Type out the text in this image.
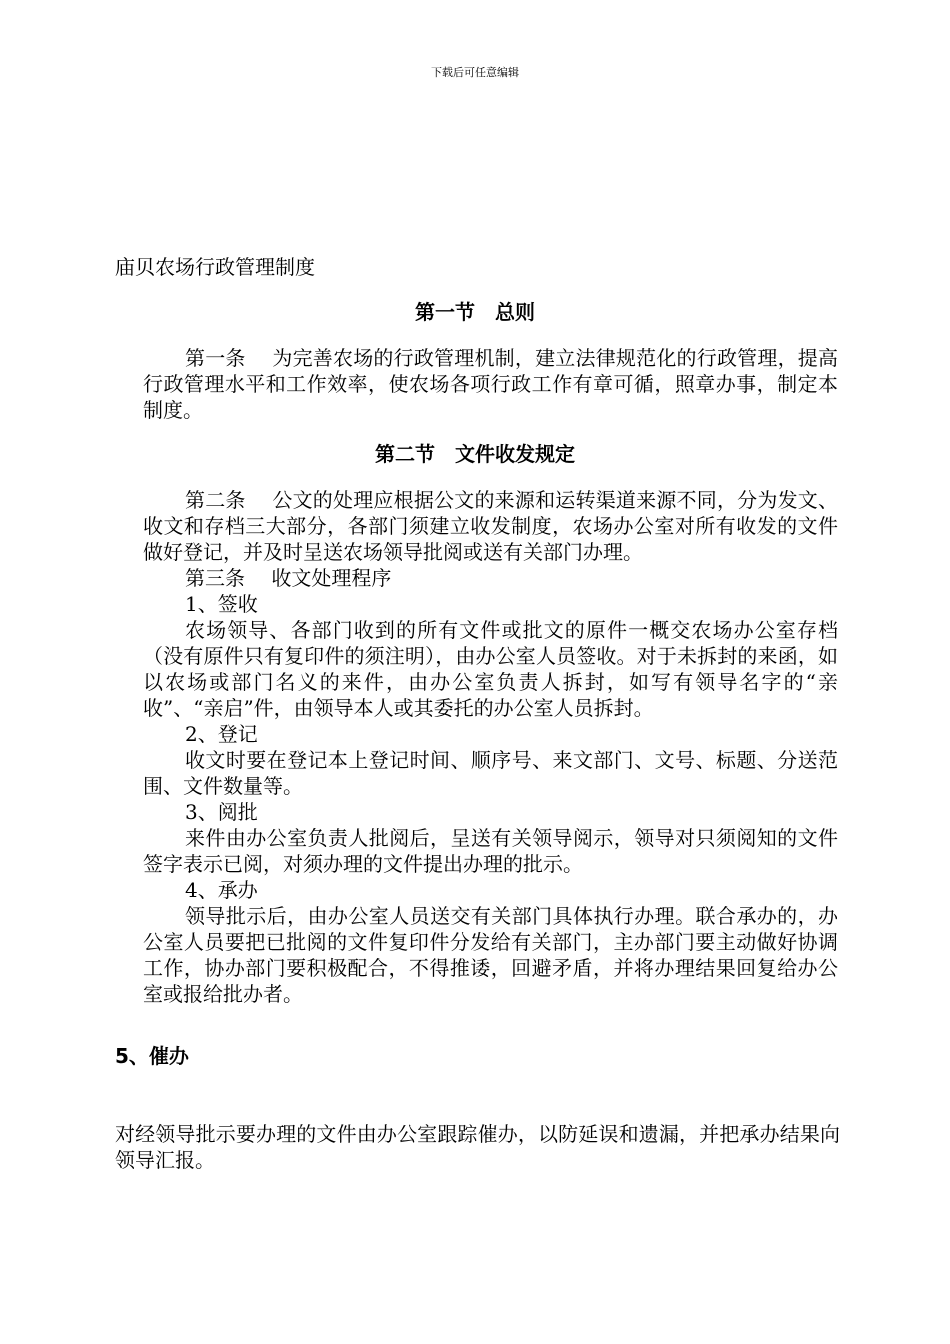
下载后可任意编辑
庙贝农场行政管理制度
第一节　总则

第一条　 为完善农场的行政管理机制，建立法律规范化的行政管理，提高行政管理水平和工作效率，使农场各项行政工作有章可循，照章办事，制定本制度。

第二节　文件收发规定

第二条　 公文的处理应根据公文的来源和运转渠道来源不同，分为发文、收文和存档三大部分，各部门须建立收发制度，农场办公室对所有收发的文件做好登记，并及时呈送农场领导批阅或送有关部门办理。

第三条　 收文处理程序

1、签收

农场领导、各部门收到的所有文件或批文的原件一概交农场办公室存档（没有原件只有复印件的须注明），由办公室人员签收。对于未拆封的来函，如以农场或部门名义的来件，由办公室负责人拆封，如写有领导名字的“亲收”、“亲启”件，由领导本人或其委托的办公室人员拆封。

2、登记

收文时要在登记本上登记时间、顺序号、来文部门、文号、标题、分送范围、文件数量等。

3、阅批

来件由办公室负责人批阅后，呈送有关领导阅示，领导对只须阅知的文件签字表示已阅，对须办理的文件提出办理的批示。

4、承办

领导批示后，由办公室人员送交有关部门具体执行办理。联合承办的，办公室人员要把已批阅的文件复印件分发给有关部门，主办部门要主动做好协调工作，协办部门要积极配合，不得推诿，回避矛盾，并将办理结果回复给办公室或报给批办者。

5、催办

对经领导批示要办理的文件由办公室跟踪催办，以防延误和遗漏，并把承办结果向领导汇报。
